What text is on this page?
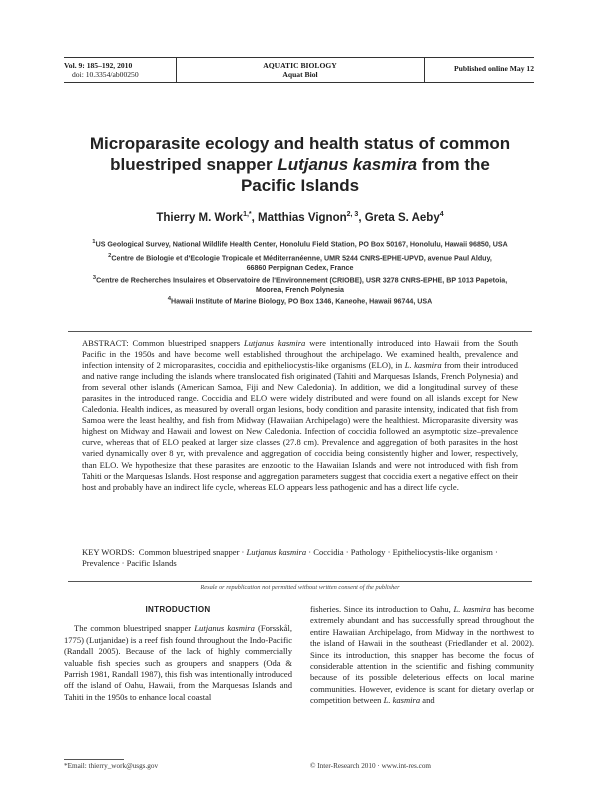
Vol. 9: 185–192, 2010
doi: 10.3354/ab00250
AQUATIC BIOLOGY
Aquat Biol
Published online May 12
Microparasite ecology and health status of common
bluestriped snapper Lutjanus kasmira from the
Pacific Islands
Thierry M. Work$^{1,*}$, Matthias Vignon$^{2, 3}$, Greta S. Aeby$^4$
$^1$US Geological Survey, National Wildlife Health Center, Honolulu Field Station, PO Box 50167, Honolulu, Hawaii 96850, USA
$^2$Centre de Biologie et d'Ecologie Tropicale et Méditerranéenne, UMR 5244 CNRS-EPHE-UPVD, avenue Paul Alduy,
66860 Perpignan Cedex, France
$^3$Centre de Recherches Insulaires et Observatoire de l'Environnement (CRIOBE), USR 3278 CNRS-EPHE, BP 1013 Papetoia,
Moorea, French Polynesia
$^4$Hawaii Institute of Marine Biology, PO Box 1346, Kaneohe, Hawaii 96744, USA
ABSTRACT: Common bluestriped snappers Lutjanus kasmira were intentionally introduced into Hawaii from the South Pacific in the 1950s and have become well established throughout the archipelago. We examined health, prevalence and infection intensity of 2 microparasites, coccidia and epitheliocystis-like organisms (ELO), in L. kasmira from their introduced and native range including the islands where translocated fish originated (Tahiti and Marquesas Islands, French Polynesia) and from several other islands (American Samoa, Fiji and New Caledonia). In addition, we did a longitudinal survey of these parasites in the introduced range. Coccidia and ELO were widely distributed and were found on all islands except for New Caledonia. Health indices, as measured by overall organ lesions, body condition and parasite intensity, indicated that fish from Samoa were the least healthy, and fish from Midway (Hawaiian Archipelago) were the healthiest. Microparasite diversity was highest on Midway and Hawaii and lowest on New Caledonia. Infection of coccidia followed an asymptotic size–prevalence curve, whereas that of ELO peaked at larger size classes (27.8 cm). Prevalence and aggregation of both parasites in the host varied dynamically over 8 yr, with prevalence and aggregation of coccidia being consistently higher and lower, respectively, than ELO. We hypothesize that these parasites are enzootic to the Hawaiian Islands and were not introduced with fish from Tahiti or the Marquesas Islands. Host response and aggregation parameters suggest that coccidia exert a negative effect on their host and probably have an indirect life cycle, whereas ELO appears less pathogenic and has a direct life cycle.
KEY WORDS: Common bluestriped snapper · Lutjanus kasmira · Coccidia · Pathology · Epitheliocystis-like organism · Prevalence · Pacific Islands
Resale or republication not permitted without written consent of the publisher
INTRODUCTION

The common bluestriped snapper Lutjanus kasmira (Forsskål, 1775) (Lutjanidae) is a reef fish found throughout the Indo-Pacific (Randall 2005). Because of the lack of highly commercially valuable fish species such as groupers and snappers (Oda & Parrish 1981, Randall 1987), this fish was intentionally introduced off the island of Oahu, Hawaii, from the Marquesas Islands and Tahiti in the 1950s to enhance local coastal

fisheries. Since its introduction to Oahu, L. kasmira has become extremely abundant and has successfully spread throughout the entire Hawaiian Archipelago, from Midway in the northwest to the island of Hawaii in the southeast (Friedlander et al. 2002). Since its introduction, this snapper has become the focus of considerable attention in the scientific and fishing community because of its possible deleterious effects on local marine communities. However, evidence is scant for dietary overlap or competition between L. kasmira and

*Email: thierry_work@usgs.gov	© Inter-Research 2010 · www.int-res.com
